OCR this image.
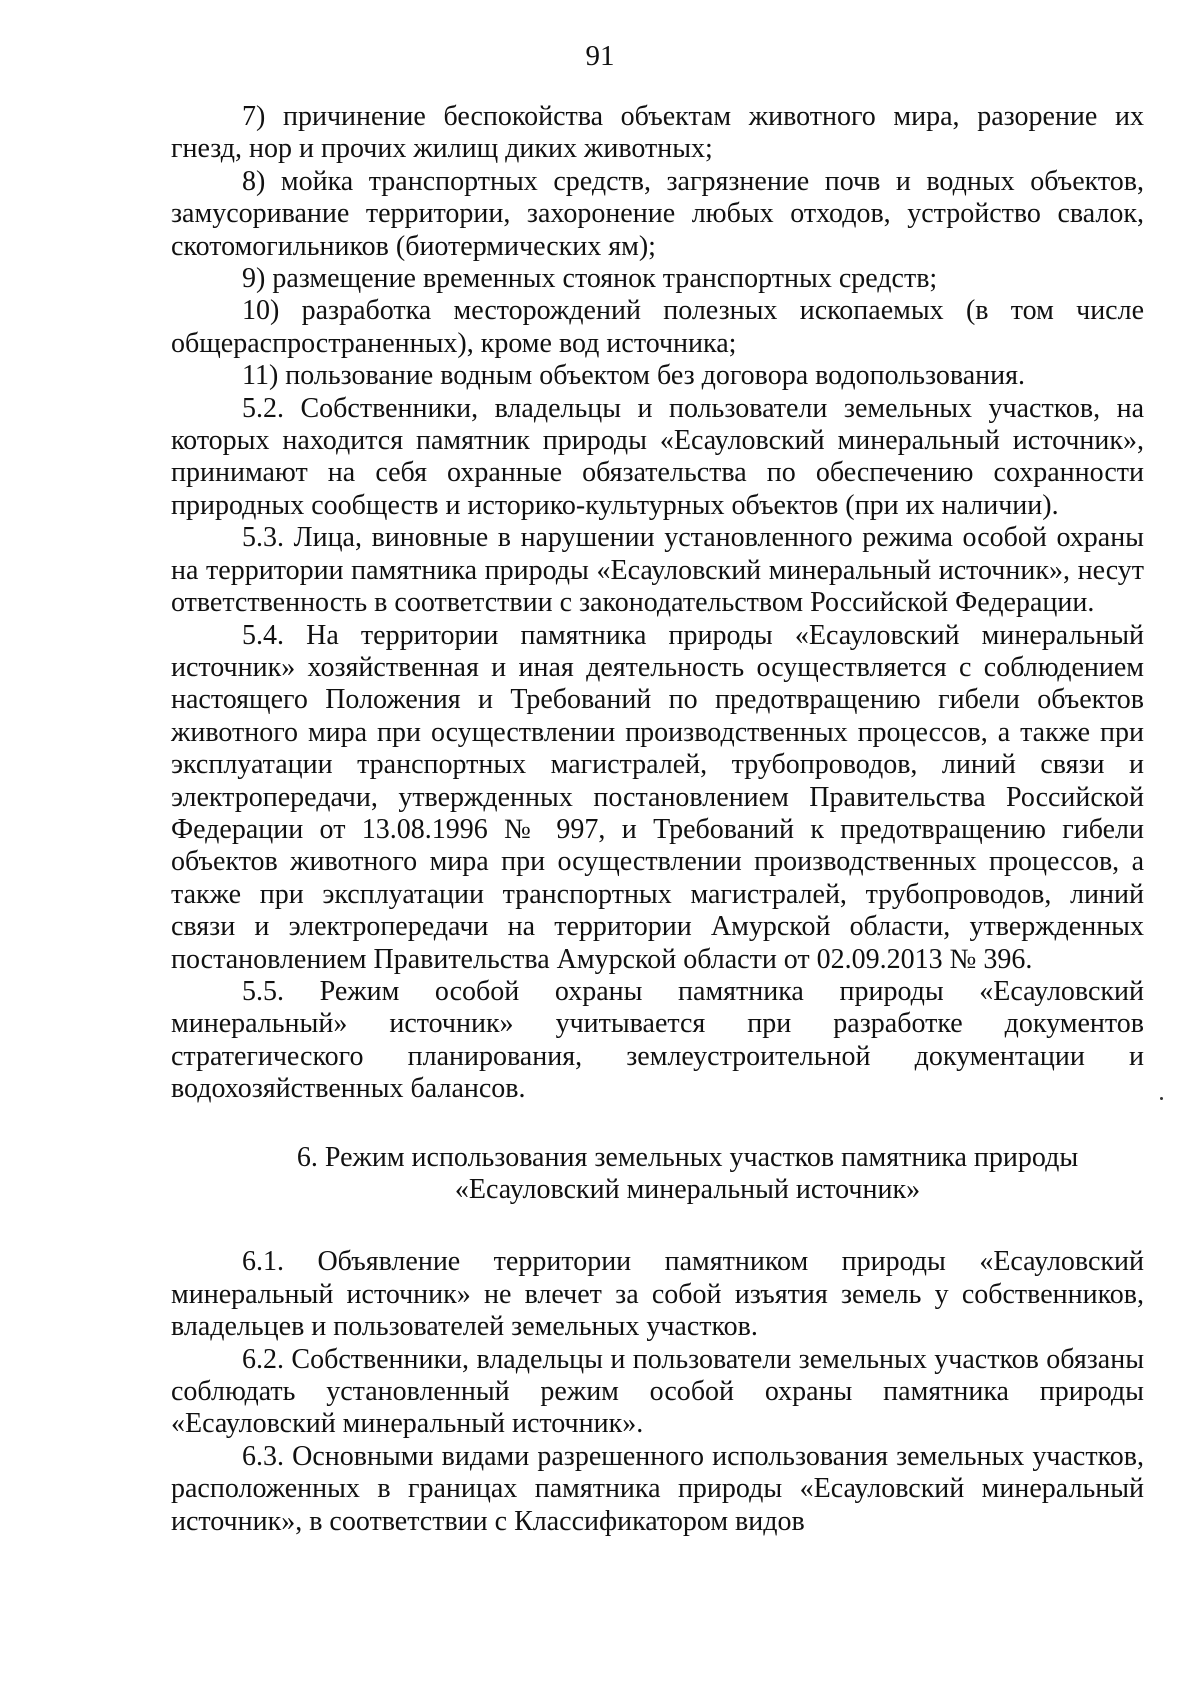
91

7) причинение беспокойства объектам животного мира, разорение их гнезд, нор и прочих жилищ диких животных;

8) мойка транспортных средств, загрязнение почв и водных объектов, замусоривание территории, захоронение любых отходов, устройство свалок, скотомогильников (биотермических ям);

9) размещение временных стоянок транспортных средств;

10) разработка месторождений полезных ископаемых (в том числе общераспространенных), кроме вод источника;

11) пользование водным объектом без договора водопользования.

5.2. Собственники, владельцы и пользователи земельных участков, на которых находится памятник природы «Есауловский минеральный источник», принимают на себя охранные обязательства по обеспечению сохранности природных сообществ и историко-культурных объектов (при их наличии).

5.3. Лица, виновные в нарушении установленного режима особой охраны на территории памятника природы «Есауловский минеральный источник», несут ответственность в соответствии с законодательством Российской Федерации.

5.4. На территории памятника природы «Есауловский минеральный источник» хозяйственная и иная деятельность осуществляется с соблюдением настоящего Положения и Требований по предотвращению гибели объектов животного мира при осуществлении производственных процессов, а также при эксплуатации транспортных магистралей, трубопроводов, линий связи и электропередачи, утвержденных постановлением Правительства Российской Федерации от 13.08.1996 № 997, и Требований к предотвращению гибели объектов животного мира при осуществлении производственных процессов, а также при эксплуатации транспортных магистралей, трубопроводов, линий связи и электропередачи на территории Амурской области, утвержденных постановлением Правительства Амурской области от 02.09.2013 № 396.

5.5. Режим особой охраны памятника природы «Есауловский минеральный» источник» учитывается при разработке документов стратегического планирования, землеустроительной документации и водохозяйственных балансов.

6. Режим использования земельных участков памятника природы
«Есауловский минеральный источник»

6.1. Объявление территории памятником природы «Есауловский минеральный источник» не влечет за собой изъятия земель у собственников, владельцев и пользователей земельных участков.

6.2. Собственники, владельцы и пользователи земельных участков обязаны соблюдать установленный режим особой охраны памятника природы «Есауловский минеральный источник».

6.3. Основными видами разрешенного использования земельных участков, расположенных в границах памятника природы «Есауловский минеральный источник», в соответствии с Классификатором видов
